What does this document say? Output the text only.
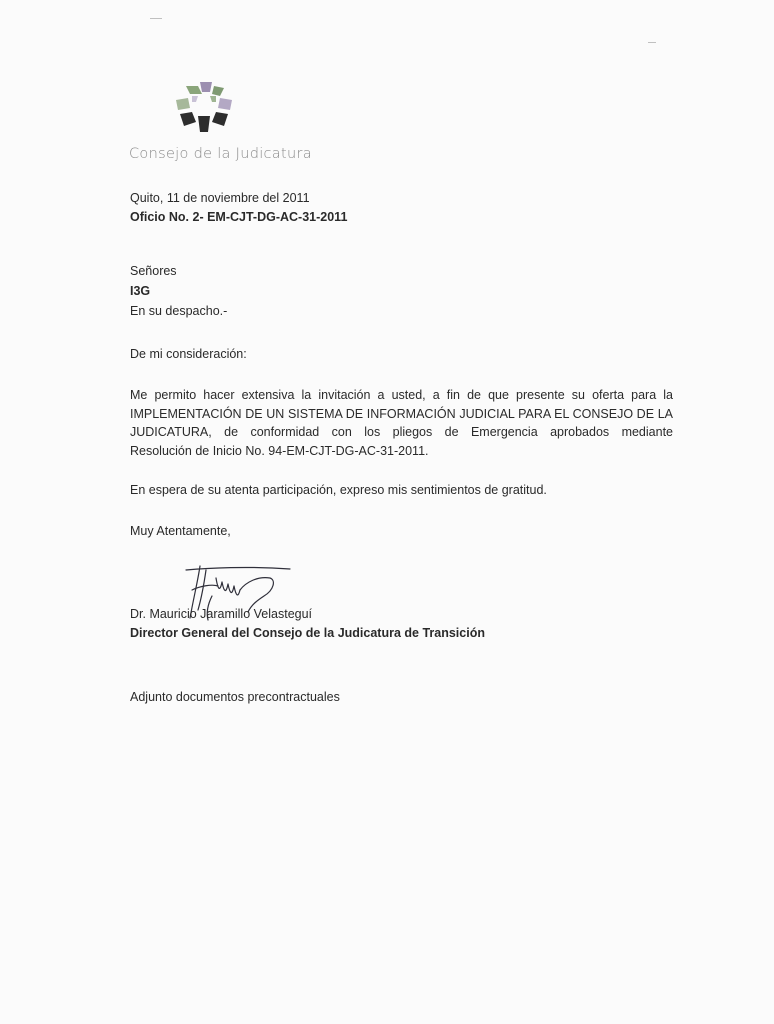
Consejo de la Judicatura
Quito, 11 de noviembre del 2011
Oficio No. 2- EM-CJT-DG-AC-31-2011
Señores
I3G
En su despacho.-
De mi consideración:
Me permito hacer extensiva la invitación a usted, a fin de que presente su oferta para la
IMPLEMENTACIÓN DE UN SISTEMA DE INFORMACIÓN JUDICIAL PARA EL CONSEJO DE LA
JUDICATURA, de conformidad con los pliegos de Emergencia aprobados mediante
Resolución de Inicio No. 94-EM-CJT-DG-AC-31-2011.
En espera de su atenta participación, expreso mis sentimientos de gratitud.
Muy Atentamente,
Dr. Mauricio Jaramillo Velasteguí
Director General del Consejo de la Judicatura de Transición
Adjunto documentos precontractuales
